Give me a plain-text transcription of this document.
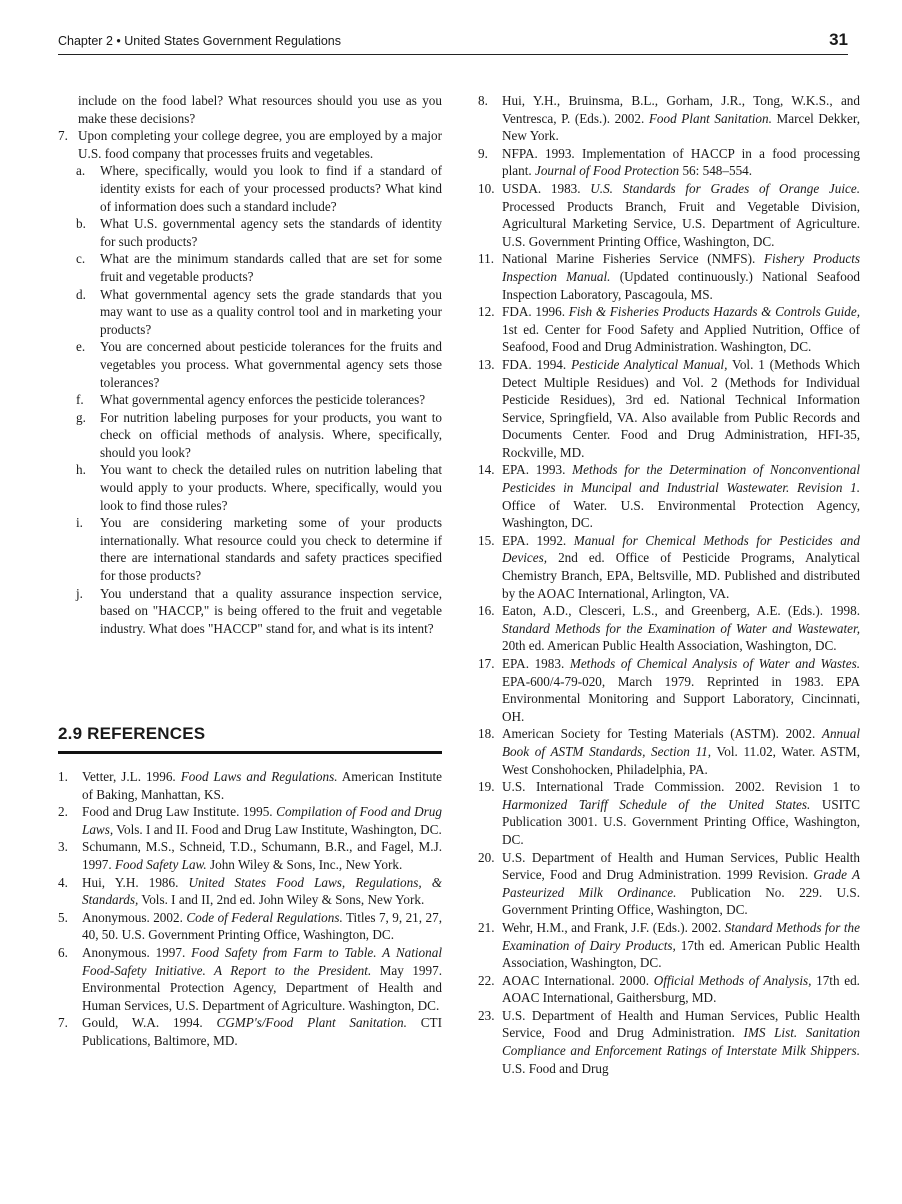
Chapter 2 • United States Government Regulations	31

include on the food label? What resources should you use as you make these decisions?

7. Upon completing your college degree, you are employed by a major U.S. food company that processes fruits and vegetables.
a. Where, specifically, would you look to find if a standard of identity exists for each of your processed products? What kind of information does such a standard include?
b. What U.S. governmental agency sets the standards of identity for such products?
c. What are the minimum standards called that are set for some fruit and vegetable products?
d. What governmental agency sets the grade standards that you may want to use as a quality control tool and in marketing your products?
e. You are concerned about pesticide tolerances for the fruits and vegetables you process. What governmental agency sets those tolerances?
f. What governmental agency enforces the pesticide tolerances?
g. For nutrition labeling purposes for your products, you want to check on official methods of analysis. Where, specifically, should you look?
h. You want to check the detailed rules on nutrition labeling that would apply to your products. Where, specifically, would you look to find those rules?
i. You are considering marketing some of your products internationally. What resource could you check to determine if there are international standards and safety practices specified for those products?
j. You understand that a quality assurance inspection service, based on "HACCP," is being offered to the fruit and vegetable industry. What does "HACCP" stand for, and what is its intent?
2.9 REFERENCES
1. Vetter, J.L. 1996. Food Laws and Regulations. American Institute of Baking, Manhattan, KS.
2. Food and Drug Law Institute. 1995. Compilation of Food and Drug Laws, Vols. I and II. Food and Drug Law Institute, Washington, DC.
3. Schumann, M.S., Schneid, T.D., Schumann, B.R., and Fagel, M.J. 1997. Food Safety Law. John Wiley & Sons, Inc., New York.
4. Hui, Y.H. 1986. United States Food Laws, Regulations, & Standards, Vols. I and II, 2nd ed. John Wiley & Sons, New York.
5. Anonymous. 2002. Code of Federal Regulations. Titles 7, 9, 21, 27, 40, 50. U.S. Government Printing Office, Washington, DC.
6. Anonymous. 1997. Food Safety from Farm to Table. A National Food-Safety Initiative. A Report to the President. May 1997. Environmental Protection Agency, Department of Health and Human Services, U.S. Department of Agriculture. Washington, DC.
7. Gould, W.A. 1994. CGMP's/Food Plant Sanitation. CTI Publications, Baltimore, MD.
8. Hui, Y.H., Bruinsma, B.L., Gorham, J.R., Tong, W.K.S., and Ventresca, P. (Eds.). 2002. Food Plant Sanitation. Marcel Dekker, New York.
9. NFPA. 1993. Implementation of HACCP in a food processing plant. Journal of Food Protection 56: 548–554.
10. USDA. 1983. U.S. Standards for Grades of Orange Juice. Processed Products Branch, Fruit and Vegetable Division, Agricultural Marketing Service, U.S. Department of Agriculture. U.S. Government Printing Office, Washington, DC.
11. National Marine Fisheries Service (NMFS). Fishery Products Inspection Manual. (Updated continuously.) National Seafood Inspection Laboratory, Pascagoula, MS.
12. FDA. 1996. Fish & Fisheries Products Hazards & Controls Guide, 1st ed. Center for Food Safety and Applied Nutrition, Office of Seafood, Food and Drug Administration. Washington, DC.
13. FDA. 1994. Pesticide Analytical Manual, Vol. 1 (Methods Which Detect Multiple Residues) and Vol. 2 (Methods for Individual Pesticide Residues), 3rd ed. National Technical Information Service, Springfield, VA. Also available from Public Records and Documents Center. Food and Drug Administration, HFI-35, Rockville, MD.
14. EPA. 1993. Methods for the Determination of Nonconventional Pesticides in Muncipal and Industrial Wastewater. Revision 1. Office of Water. U.S. Environmental Protection Agency, Washington, DC.
15. EPA. 1992. Manual for Chemical Methods for Pesticides and Devices, 2nd ed. Office of Pesticide Programs, Analytical Chemistry Branch, EPA, Beltsville, MD. Published and distributed by the AOAC International, Arlington, VA.
16. Eaton, A.D., Clesceri, L.S., and Greenberg, A.E. (Eds.). 1998. Standard Methods for the Examination of Water and Wastewater, 20th ed. American Public Health Association, Washington, DC.
17. EPA. 1983. Methods of Chemical Analysis of Water and Wastes. EPA-600/4-79-020, March 1979. Reprinted in 1983. EPA Environmental Monitoring and Support Laboratory, Cincinnati, OH.
18. American Society for Testing Materials (ASTM). 2002. Annual Book of ASTM Standards, Section 11, Vol. 11.02, Water. ASTM, West Conshohocken, Philadelphia, PA.
19. U.S. International Trade Commission. 2002. Revision 1 to Harmonized Tariff Schedule of the United States. USITC Publication 3001. U.S. Government Printing Office, Washington, DC.
20. U.S. Department of Health and Human Services, Public Health Service, Food and Drug Administration. 1999 Revision. Grade A Pasteurized Milk Ordinance. Publication No. 229. U.S. Government Printing Office, Washington, DC.
21. Wehr, H.M., and Frank, J.F. (Eds.). 2002. Standard Methods for the Examination of Dairy Products, 17th ed. American Public Health Association, Washington, DC.
22. AOAC International. 2000. Official Methods of Analysis, 17th ed. AOAC International, Gaithersburg, MD.
23. U.S. Department of Health and Human Services, Public Health Service, Food and Drug Administration. IMS List. Sanitation Compliance and Enforcement Ratings of Interstate Milk Shippers. U.S. Food and Drug
